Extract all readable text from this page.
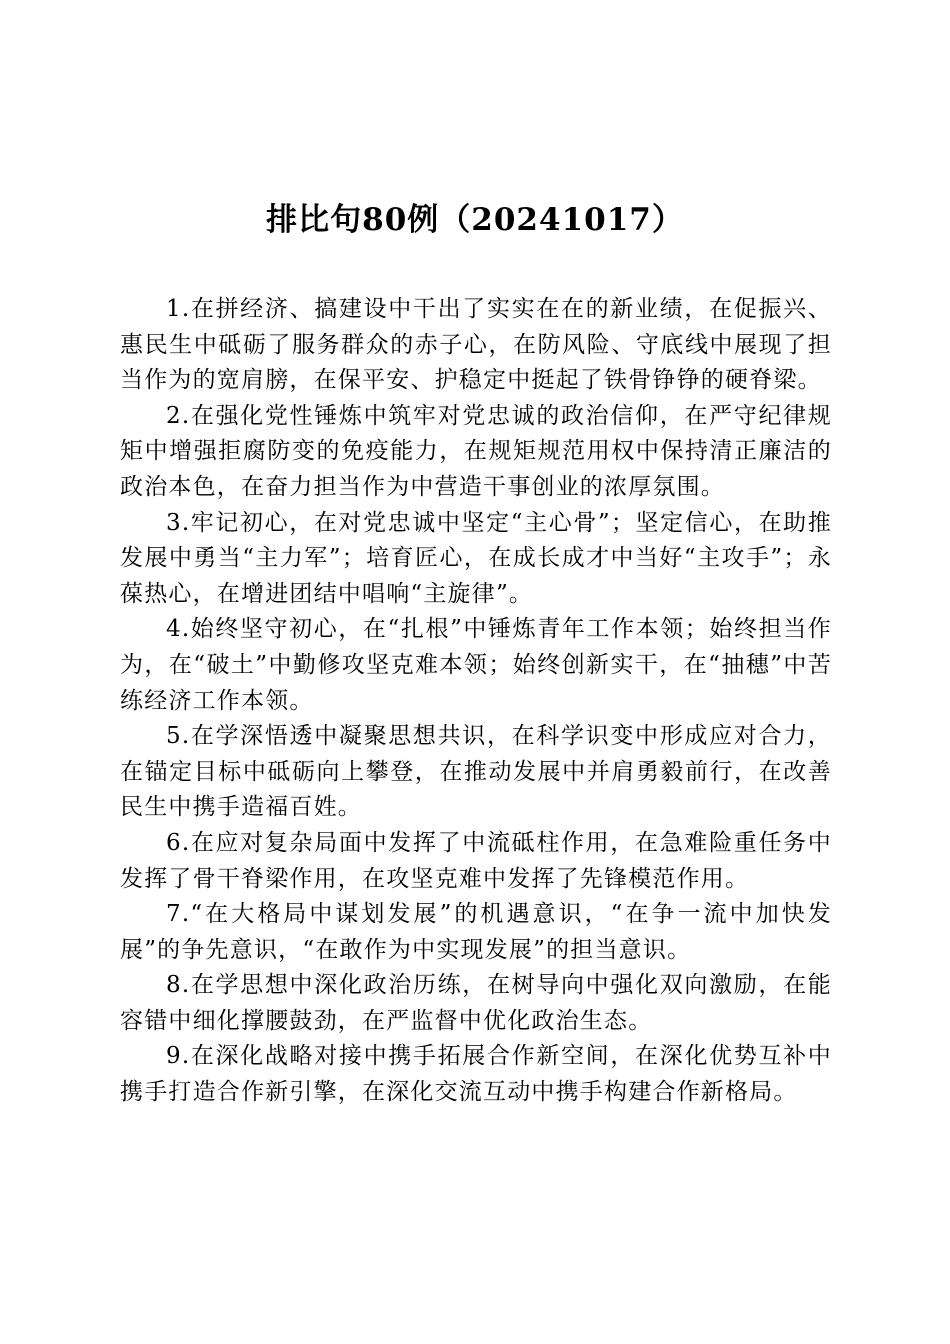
排比句80例（20241017）

1.在拼经济、搞建设中干出了实实在在的新业绩，在促振兴、惠民生中砥砺了服务群众的赤子心，在防风险、守底线中展现了担当作为的宽肩膀，在保平安、护稳定中挺起了铁骨铮铮的硬脊梁。

2.在强化党性锤炼中筑牢对党忠诚的政治信仰，在严守纪律规矩中增强拒腐防变的免疫能力，在规矩规范用权中保持清正廉洁的政治本色，在奋力担当作为中营造干事创业的浓厚氛围。

3.牢记初心，在对党忠诚中坚定“主心骨”；坚定信心，在助推发展中勇当“主力军”；培育匠心，在成长成才中当好“主攻手”；永葆热心，在增进团结中唱响“主旋律”。

4.始终坚守初心，在“扎根”中锤炼青年工作本领；始终担当作为，在“破土”中勤修攻坚克难本领；始终创新实干，在“抽穗”中苦练经济工作本领。

5.在学深悟透中凝聚思想共识，在科学识变中形成应对合力，在锚定目标中砥砺向上攀登，在推动发展中并肩勇毅前行，在改善民生中携手造福百姓。

6.在应对复杂局面中发挥了中流砥柱作用，在急难险重任务中发挥了骨干脊梁作用，在攻坚克难中发挥了先锋模范作用。

7.“在大格局中谋划发展”的机遇意识，“在争一流中加快发展”的争先意识，“在敢作为中实现发展”的担当意识。

8.在学思想中深化政治历练，在树导向中强化双向激励，在能容错中细化撑腰鼓劲，在严监督中优化政治生态。

9.在深化战略对接中携手拓展合作新空间，在深化优势互补中携手打造合作新引擎，在深化交流互动中携手构建合作新格局。
